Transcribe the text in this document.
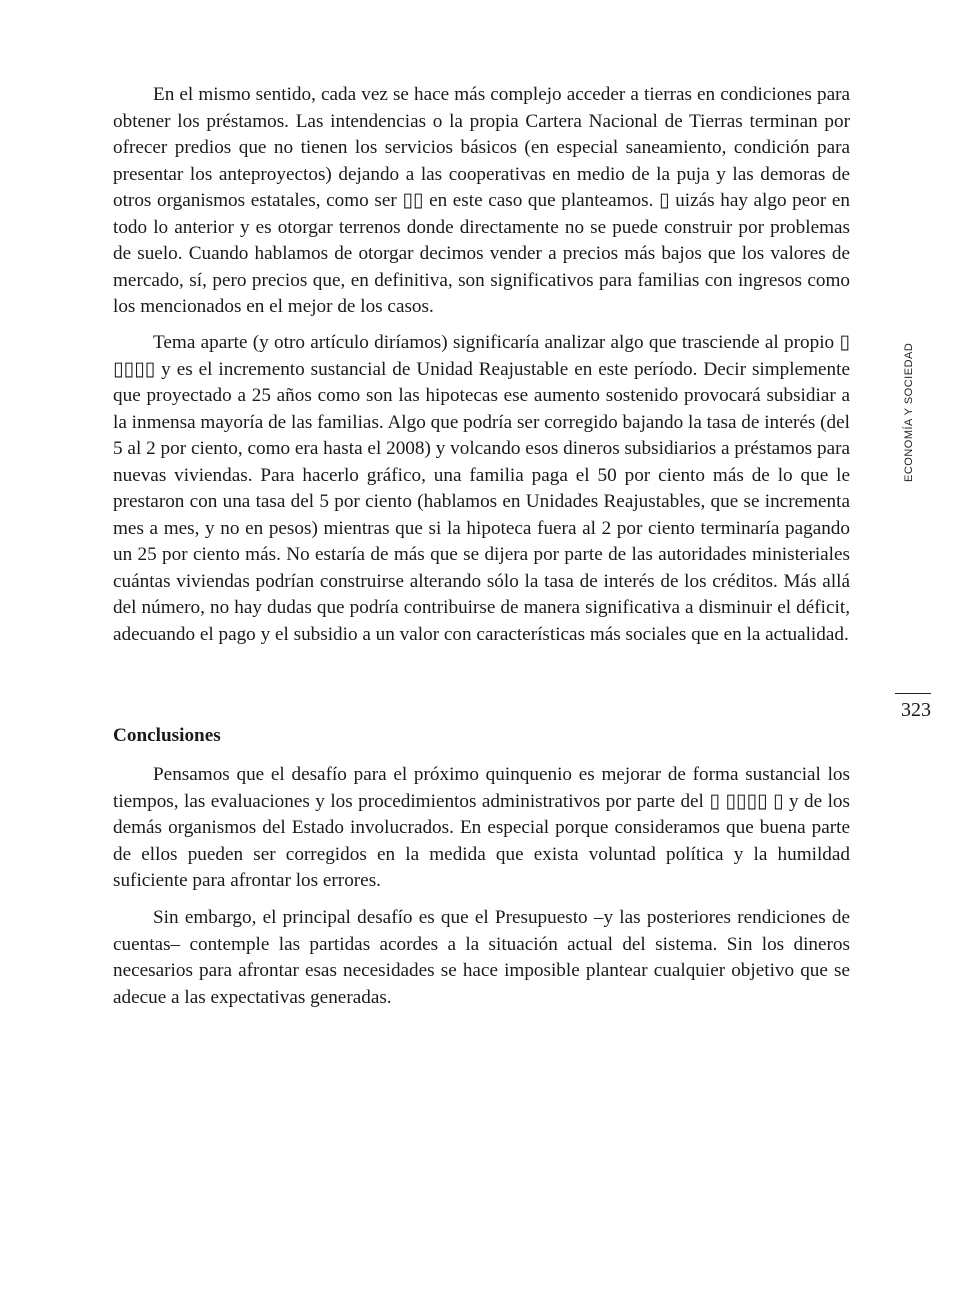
En el mismo sentido, cada vez se hace más complejo acceder a tierras en condiciones para obtener los préstamos. Las intendencias o la propia Cartera Nacional de Tierras terminan por ofrecer predios que no tienen los servicios básicos (en especial saneamiento, condición para presentar los anteproyectos) dejando a las cooperativas en medio de la puja y las demoras de otros organismos estatales, como ser ▯▯ en este caso que planteamos. ▯ uizás hay algo peor en todo lo anterior y es otorgar terrenos donde directamente no se puede construir por problemas de suelo. Cuando hablamos de otorgar decimos vender a precios más bajos que los valores de mercado, sí, pero precios que, en definitiva, son significativos para familias con ingresos como los mencionados en el mejor de los casos.

Tema aparte (y otro artículo diríamos) significaría analizar algo que trasciende al propio ▯ ▯▯▯▯ y es el incremento sustancial de Unidad Reajustable en este período. Decir simplemente que proyectado a 25 años como son las hipotecas ese aumento sostenido provocará subsidiar a la inmensa mayoría de las familias. Algo que podría ser corregido bajando la tasa de interés (del 5 al 2 por ciento, como era hasta el 2008) y volcando esos dineros subsidiarios a préstamos para nuevas viviendas. Para hacerlo gráfico, una familia paga el 50 por ciento más de lo que le prestaron con una tasa del 5 por ciento (hablamos en Unidades Reajustables, que se incrementa mes a mes, y no en pesos) mientras que si la hipoteca fuera al 2 por ciento terminaría pagando un 25 por ciento más. No estaría de más que se dijera por parte de las autoridades ministeriales cuántas viviendas podrían construirse alterando sólo la tasa de interés de los créditos. Más allá del número, no hay dudas que podría contribuirse de manera significativa a disminuir el déficit, adecuando el pago y el subsidio a un valor con características más sociales que en la actualidad.

Conclusiones

Pensamos que el desafío para el próximo quinquenio es mejorar de forma sustancial los tiempos, las evaluaciones y los procedimientos administrativos por parte del ▯ ▯▯▯▯ ▯ y de los demás organismos del Estado involucrados. En especial porque consideramos que buena parte de ellos pueden ser corregidos en la medida que exista voluntad política y la humildad suficiente para afrontar los errores.

Sin embargo, el principal desafío es que el Presupuesto –y las posteriores rendiciones de cuentas– contemple las partidas acordes a la situación actual del sistema. Sin los dineros necesarios para afrontar esas necesidades se hace imposible plantear cualquier objetivo que se adecue a las expectativas generadas.

ECONOMÍA Y SOCIEDAD
323
